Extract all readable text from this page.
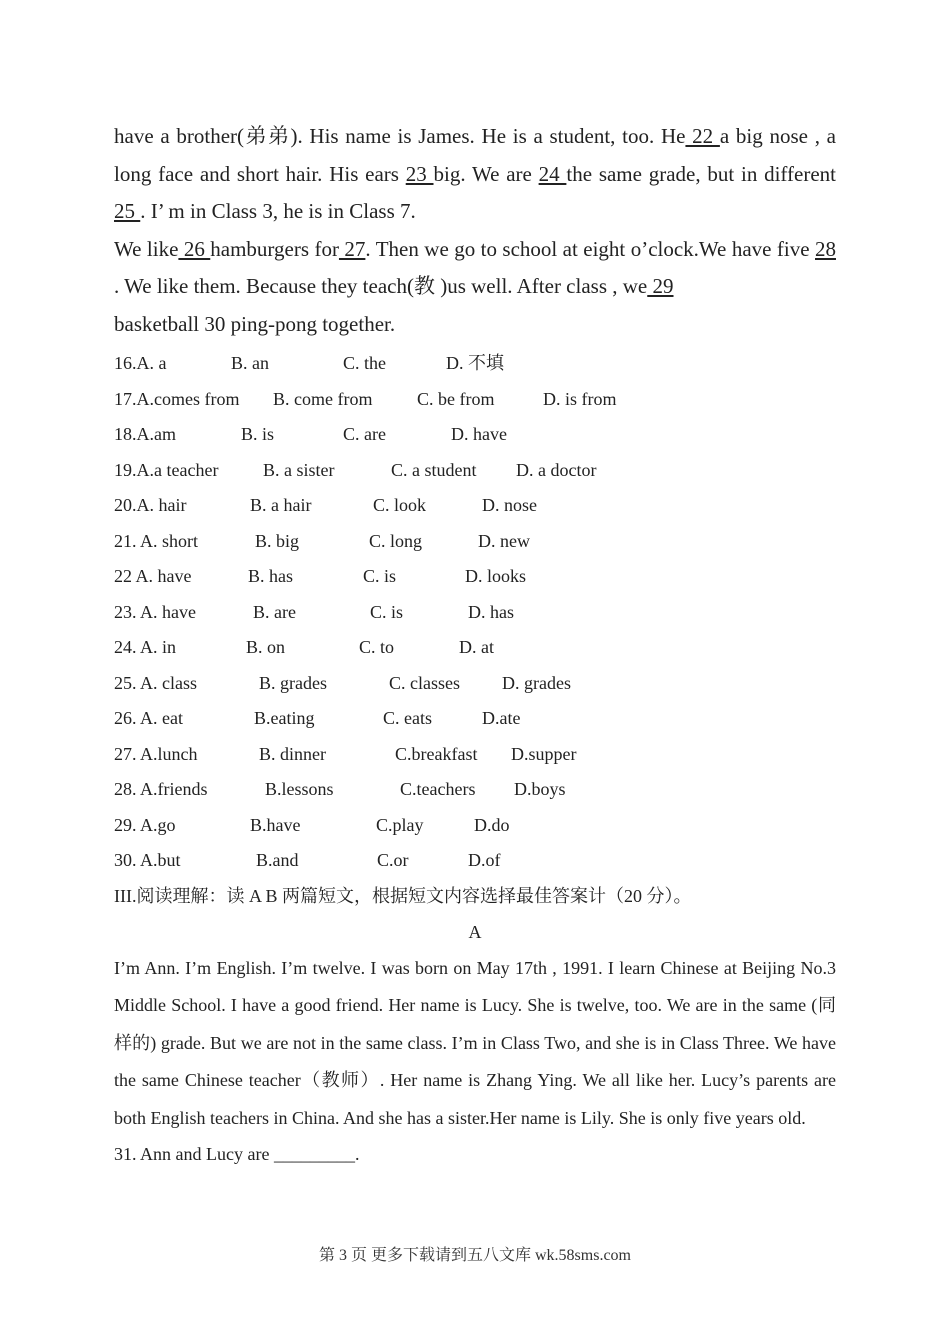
have a brother(弟弟). His name is James. He is a student, too. He 22 a big nose , a long face and short hair. His ears 23 big. We are 24 the same grade, but in different 25 . I’ m in Class 3, he is in Class 7.

We like 26 hamburgers for 27. Then we go to school at eight o’clock.We have five 28 . We like them. Because they teach(教 )us well. After class , we 29
basketball 30 ping-pong together.

16.A. a	B. an	C. the	D. 不填
17.A.comes from B. come from C. be from	D. is from
18.A.am	B. is	C. are	D. have
19.A.a teacher B. a sister	C. a student D. a doctor
20.A. hair	B. a hair	C. look	D. nose
21. A. short	B. big	C. long	D. new
22 A. have	B. has	C. is	D. looks
23. A. have	B. are	C. is	D. has
24. A. in	B. on	C. to	D. at
25. A. class	B. grades	C. classes D. grades
26. A. eat	B.eating	C. eats	D.ate
27. A.lunch	B. dinner	C.breakfast D.supper
28. A.friends	B.lessons	C.teachers D.boys
29. A.go	B.have	C.play	D.do
30. A.but	B.and	C.or	D.of
III.阅读理解：读 A B 两篇短文，根据短文内容选择最佳答案计（20 分）。
A

I’m Ann. I’m English. I’m twelve. I was born on May 17th , 1991. I learn Chinese at Beijing No.3 Middle School. I have a good friend. Her name is Lucy. She is twelve, too. We are in the same (同样的) grade. But we are not in the same class. I’m in Class Two, and she is in Class Three. We have the same Chinese teacher（教师）. Her name is Zhang Ying. We all like her. Lucy’s parents are both English teachers in China. And she has a sister.Her name is Lily. She is only five years old.

31. Ann and Lucy are _________.
第 3 页 更多下载请到五八文库 wk.58sms.com
